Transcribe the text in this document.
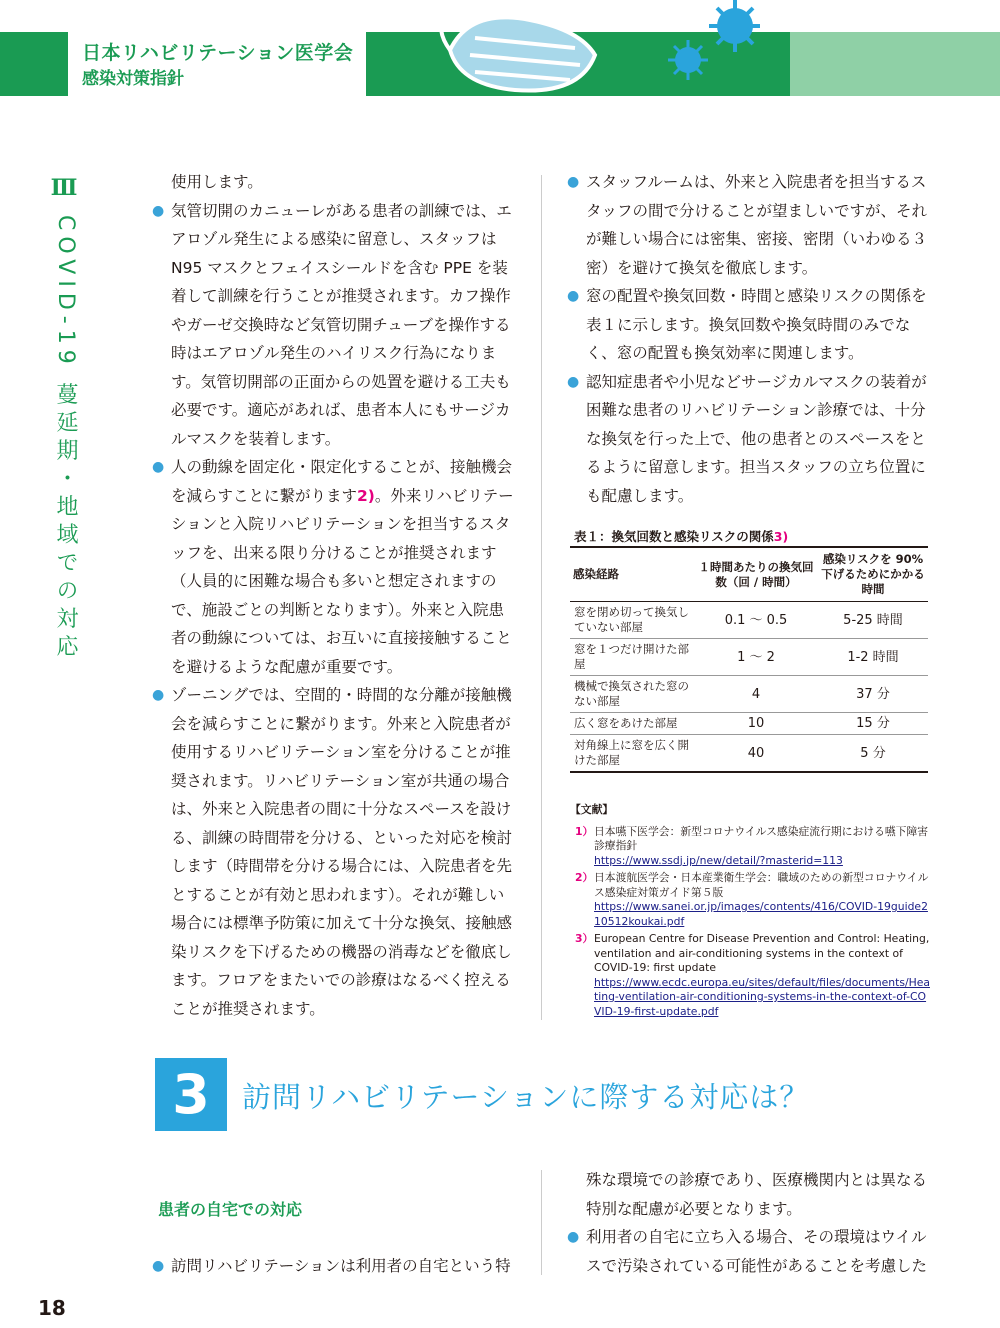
日本リハビリテーション医学会
感染対策指針
Ⅲ
COVID-19 蔓延期・地域での対応

使用します。

● 気管切開のカニューレがある患者の訓練では、エアロゾル発生による感染に留意し、スタッフはN95 マスクとフェイスシールドを含む PPE を装着して訓練を行うことが推奨されます。カフ操作やガーゼ交換時など気管切開チューブを操作する時はエアロゾル発生のハイリスク行為になります。気管切開部の正面からの処置を避ける工夫も必要です。適応があれば、患者本人にもサージカルマスクを装着します。

● 人の動線を固定化・限定化することが、接触機会を減らすことに繋がります2)。外来リハビリテーションと入院リハビリテーションを担当するスタッフを、出来る限り分けることが推奨されます（人員的に困難な場合も多いと想定されますので、施設ごとの判断となります）。外来と入院患者の動線については、お互いに直接接触することを避けるような配慮が重要です。

● ゾーニングでは、空間的・時間的な分離が接触機会を減らすことに繋がります。外来と入院患者が使用するリハビリテーション室を分けることが推奨されます。リハビリテーション室が共通の場合は、外来と入院患者の間に十分なスペースを設ける、訓練の時間帯を分ける、といった対応を検討します（時間帯を分ける場合には、入院患者を先とすることが有効と思われます）。それが難しい場合には標準予防策に加えて十分な換気、接触感染リスクを下げるための機器の消毒などを徹底します。フロアをまたいでの診療はなるべく控えることが推奨されます。

● スタッフルームは、外来と入院患者を担当するスタッフの間で分けることが望ましいですが、それが難しい場合には密集、密接、密閉（いわゆる３密）を避けて換気を徹底します。

● 窓の配置や換気回数・時間と感染リスクの関係を表１に示します。換気回数や換気時間のみでなく、窓の配置も換気効率に関連します。

● 認知症患者や小児などサージカルマスクの装着が困難な患者のリハビリテーション診療では、十分な換気を行った上で、他の患者とのスペースをとるように留意します。担当スタッフの立ち位置にも配慮します。

表１：換気回数と感染リスクの関係3)
感染経路	１時間あたりの換気回数（回 / 時間）	感染リスクを 90% 下げるためにかかる時間
窓を閉め切って換気していない部屋	0.1 ～ 0.5	5-25 時間
窓を１つだけ開けた部屋	1 ～ 2	1-2 時間
機械で換気された窓のない部屋	4	37 分
広く窓をあけた部屋	10	15 分
対角線上に窓を広く開けた部屋	40	5 分
【文献】
1） 日本嚥下医学会：新型コロナウイルス感染症流行期における嚥下障害診療指針
https://www.ssdj.jp/new/detail/?masterid=113
2） 日本渡航医学会・日本産業衛生学会：職域のための新型コロナウイルス感染症対策ガイド第５版
https://www.sanei.or.jp/images/contents/416/COVID-19guide210512koukai.pdf
3） European Centre for Disease Prevention and Control: Heating, ventilation and air-conditioning systems in the context of COVID-19: first update
https://www.ecdc.europa.eu/sites/default/files/documents/Heating-ventilation-air-conditioning-systems-in-the-context-of-COVID-19-first-update.pdf
3	訪問リハビリテーションに際する対応は？
患者の自宅での対応

● 訪問リハビリテーションは利用者の自宅という特

殊な環境での診療であり、医療機関内とは異なる特別な配慮が必要となります。

● 利用者の自宅に立ち入る場合、その環境はウイルスで汚染されている可能性があることを考慮した

18
